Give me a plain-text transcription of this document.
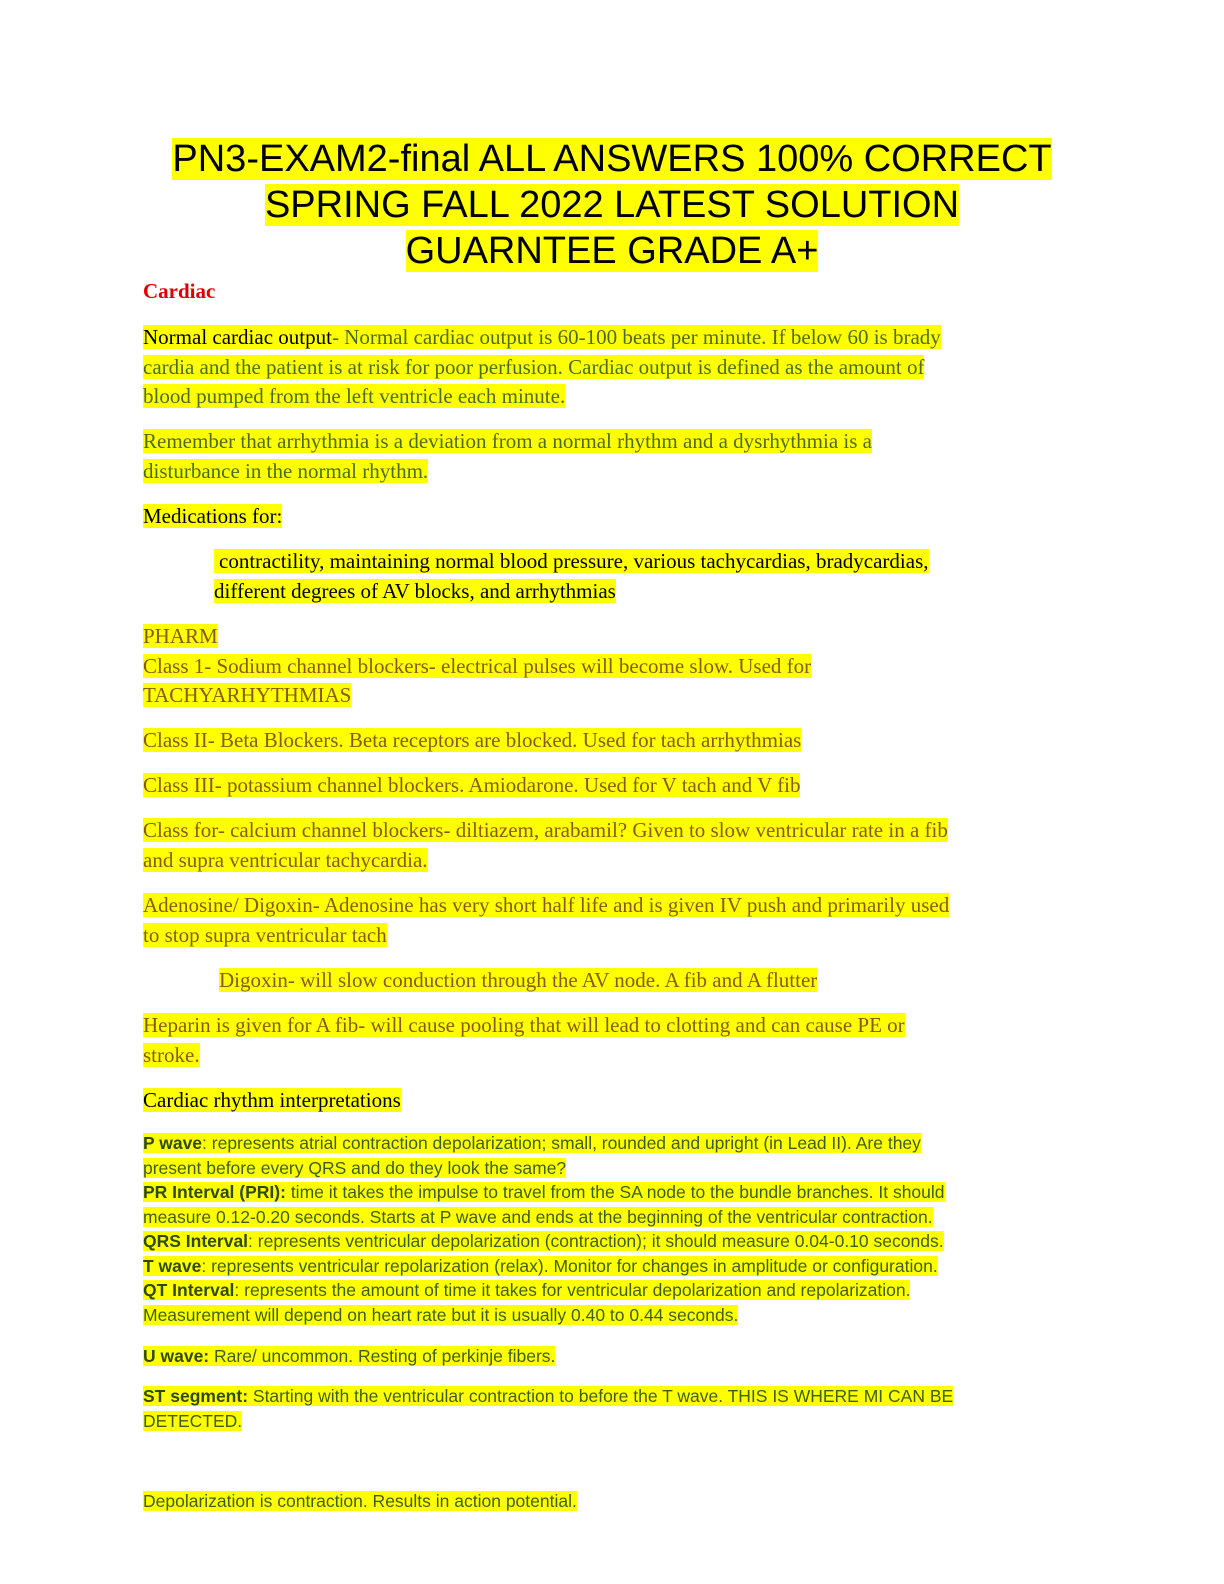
PN3-EXAM2-final ALL ANSWERS 100% CORRECT
SPRING FALL 2022 LATEST SOLUTION
GUARNTEE GRADE A+

Cardiac

Normal cardiac output- Normal cardiac output is 60-100 beats per minute. If below 60 is brady
cardia and the patient is at risk for poor perfusion. Cardiac output is defined as the amount of
blood pumped from the left ventricle each minute.

Remember that arrhythmia is a deviation from a normal rhythm and a dysrhythmia is a
disturbance in the normal rhythm.

Medications for:

contractility, maintaining normal blood pressure, various tachycardias, bradycardias,
different degrees of AV blocks, and arrhythmias

PHARM
Class 1- Sodium channel blockers- electrical pulses will become slow. Used for
TACHYARHYTHMIAS

Class II- Beta Blockers. Beta receptors are blocked. Used for tach arrhythmias

Class III- potassium channel blockers. Amiodarone. Used for V tach and V fib

Class for- calcium channel blockers- diltiazem, arabamil? Given to slow ventricular rate in a fib
and supra ventricular tachycardia.

Adenosine/ Digoxin- Adenosine has very short half life and is given IV push and primarily used
to stop supra ventricular tach

Digoxin- will slow conduction through the AV node. A fib and A flutter

Heparin is given for A fib- will cause pooling that will lead to clotting and can cause PE or
stroke.

Cardiac rhythm interpretations

P wave: represents atrial contraction depolarization; small, rounded and upright (in Lead II). Are they
present before every QRS and do they look the same?
PR Interval (PRI): time it takes the impulse to travel from the SA node to the bundle branches. It should
measure 0.12-0.20 seconds. Starts at P wave and ends at the beginning of the ventricular contraction.
QRS Interval: represents ventricular depolarization (contraction); it should measure 0.04-0.10 seconds.
T wave: represents ventricular repolarization (relax). Monitor for changes in amplitude or configuration.
QT Interval: represents the amount of time it takes for ventricular depolarization and repolarization.
Measurement will depend on heart rate but it is usually 0.40 to 0.44 seconds.

U wave: Rare/ uncommon. Resting of perkinje fibers.

ST segment: Starting with the ventricular contraction to before the T wave. THIS IS WHERE MI CAN BE
DETECTED.

Depolarization is contraction. Results in action potential.
